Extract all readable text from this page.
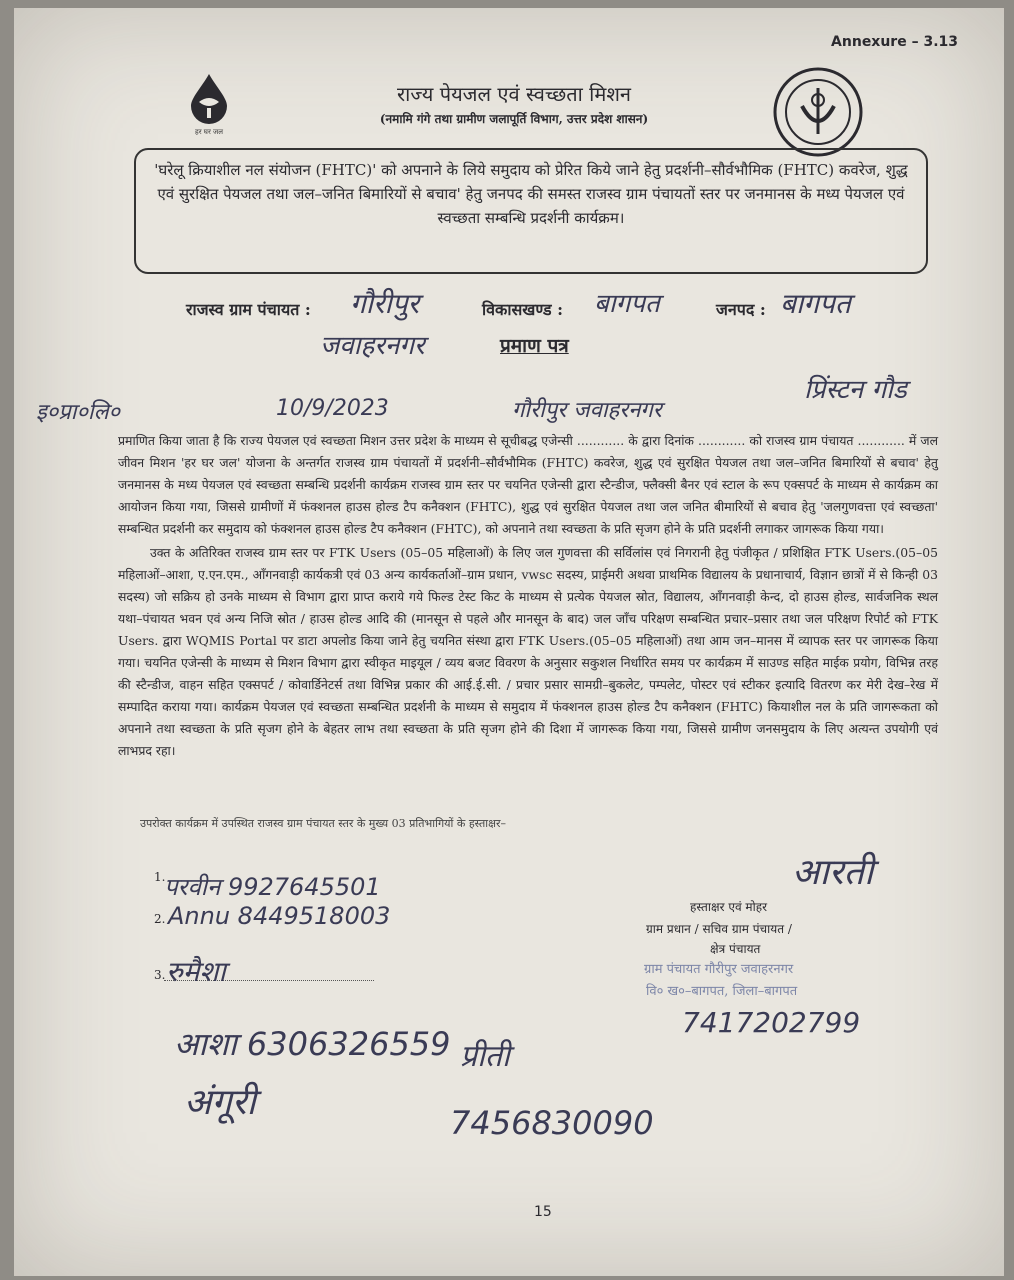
Annexure – 3.13
हर घर जल
राज्य पेयजल एवं स्वच्छता मिशन
(नमामि गंगे तथा ग्रामीण जलापूर्ति विभाग, उत्तर प्रदेश शासन)
'घरेलू क्रियाशील नल संयोजन (FHTC)' को अपनाने के लिये समुदाय को प्रेरित किये जाने हेतु प्रदर्शनी–सौर्वभौमिक (FHTC) कवरेज, शुद्ध एवं सुरक्षित पेयजल तथा जल–जनित बिमारियों से बचाव' हेतु जनपद की समस्त राजस्व ग्राम पंचायतों स्तर पर जनमानस के मध्य पेयजल एवं स्वच्छता सम्बन्धि प्रदर्शनी कार्यक्रम।
राजस्व ग्राम पंचायत : गौरीपुर	विकासखण्ड : बागपत	जनपद : बागपत
जवाहरनगर	प्रमाण पत्र
प्रिंस्टन गौड
इ०प्रा०लि०	10/9/2023	गौरीपुर जवाहरनगर
प्रमाणित किया जाता है कि राज्य पेयजल एवं स्वच्छता मिशन उत्तर प्रदेश के माध्यम से सूचीबद्ध एजेन्सी ............ के द्वारा दिनांक ............ को राजस्व ग्राम पंचायत ............ में जल जीवन मिशन 'हर घर जल' योजना के अन्तर्गत राजस्व ग्राम पंचायतों में प्रदर्शनी–सौर्वभौमिक (FHTC) कवरेज, शुद्ध एवं सुरक्षित पेयजल तथा जल–जनित बिमारियों से बचाव' हेतु जनमानस के मध्य पेयजल एवं स्वच्छता सम्बन्धि प्रदर्शनी कार्यक्रम राजस्व ग्राम स्तर पर चयनित एजेन्सी द्वारा स्टैन्डीज, फ्लैक्सी बैनर एवं स्टाल के रूप एक्सपर्ट के माध्यम से कार्यक्रम का आयोजन किया गया, जिससे ग्रामीणों में फंक्शनल हाउस होल्ड टैप कनैक्शन (FHTC), शुद्ध एवं सुरक्षित पेयजल तथा जल जनित बीमारियों से बचाव हेतु 'जलगुणवत्ता एवं स्वच्छता' सम्बन्धित प्रदर्शनी कर समुदाय को फंक्शनल हाउस होल्ड टैप कनैक्शन (FHTC), को अपनाने तथा स्वच्छता के प्रति सृजग होने के प्रति प्रदर्शनी लगाकर जागरूक किया गया।
उक्त के अतिरिक्त राजस्व ग्राम स्तर पर FTK Users (05–05 महिलाओं) के लिए जल गुणवत्ता की सर्विलांस एवं निगरानी हेतु पंजीकृत / प्रशिक्षित FTK Users.(05–05 महिलाओं–आशा, ए.एन.एम., आँगनवाड़ी कार्यकत्री एवं 03 अन्य कार्यकर्ताओं–ग्राम प्रधान, vwsc सदस्य, प्राईमरी अथवा प्राथमिक विद्यालय के प्रधानाचार्य, विज्ञान छात्रों में से किन्ही 03 सदस्य) जो सक्रिय हो उनके माध्यम से विभाग द्वारा प्राप्त कराये गये फिल्ड टेस्ट किट के माध्यम से प्रत्येक पेयजल स्रोत, विद्यालय, आँगनवाड़ी केन्द, दो हाउस होल्ड, सार्वजनिक स्थल यथा–पंचायत भवन एवं अन्य निजि स्रोत / हाउस होल्ड आदि की (मानसून से पहले और मानसून के बाद) जल जाँच परिक्षण सम्बन्धित प्रचार–प्रसार तथा जल परिक्षण रिपोर्ट को FTK Users. द्वारा WQMIS Portal पर डाटा अपलोड किया जाने हेतु चयनित संस्था द्वारा FTK Users.(05–05 महिलाओं) तथा आम जन–मानस में व्यापक स्तर पर जागरूक किया गया। चयनित एजेन्सी के माध्यम से मिशन विभाग द्वारा स्वीकृत माइयूल / व्यय बजट विवरण के अनुसार सकुशल निर्धारित समय पर कार्यक्रम में साउण्ड सहित माईक प्रयोग, विभिन्न तरह की स्टैन्डीज, वाहन सहित एक्सपर्ट / कोवार्डिनेटर्स तथा विभिन्न प्रकार की आई.ई.सी. / प्रचार प्रसार सामग्री–बुकलेट, पम्पलेट, पोस्टर एवं स्टीकर इत्यादि वितरण कर मेरी देख–रेख में सम्पादित कराया गया। कार्यक्रम पेयजल एवं स्वच्छता सम्बन्धित प्रदर्शनी के माध्यम से समुदाय में फंक्शनल हाउस होल्ड टैप कनैक्शन (FHTC) कियाशील नल के प्रति जागरूकता को अपनाने तथा स्वच्छता के प्रति सृजग होने के बेहतर लाभ तथा स्वच्छता के प्रति सृजग होने की दिशा में जागरूक किया गया, जिससे ग्रामीण जनसमुदाय के लिए अत्यन्त उपयोगी एवं लाभप्रद रहा।
उपरोक्त कार्यक्रम में उपस्थित राजस्व ग्राम पंचायत स्तर के मुख्य 03 प्रतिभागियों के हस्ताक्षर–
1.
परवीन 9927645501
2. Annu 8449518003
3. रुमैशा
आशा 6306326559
अंगूरी
प्रीती
7456830090
आरती
हस्ताक्षर एवं मोहर
ग्राम प्रधान / सचिव ग्राम पंचायत /
क्षेत्र पंचायत
ग्राम पंचायत गौरीपुर जवाहरनगर
वि० ख०–बागपत, जिला–बागपत
7417202799
15
